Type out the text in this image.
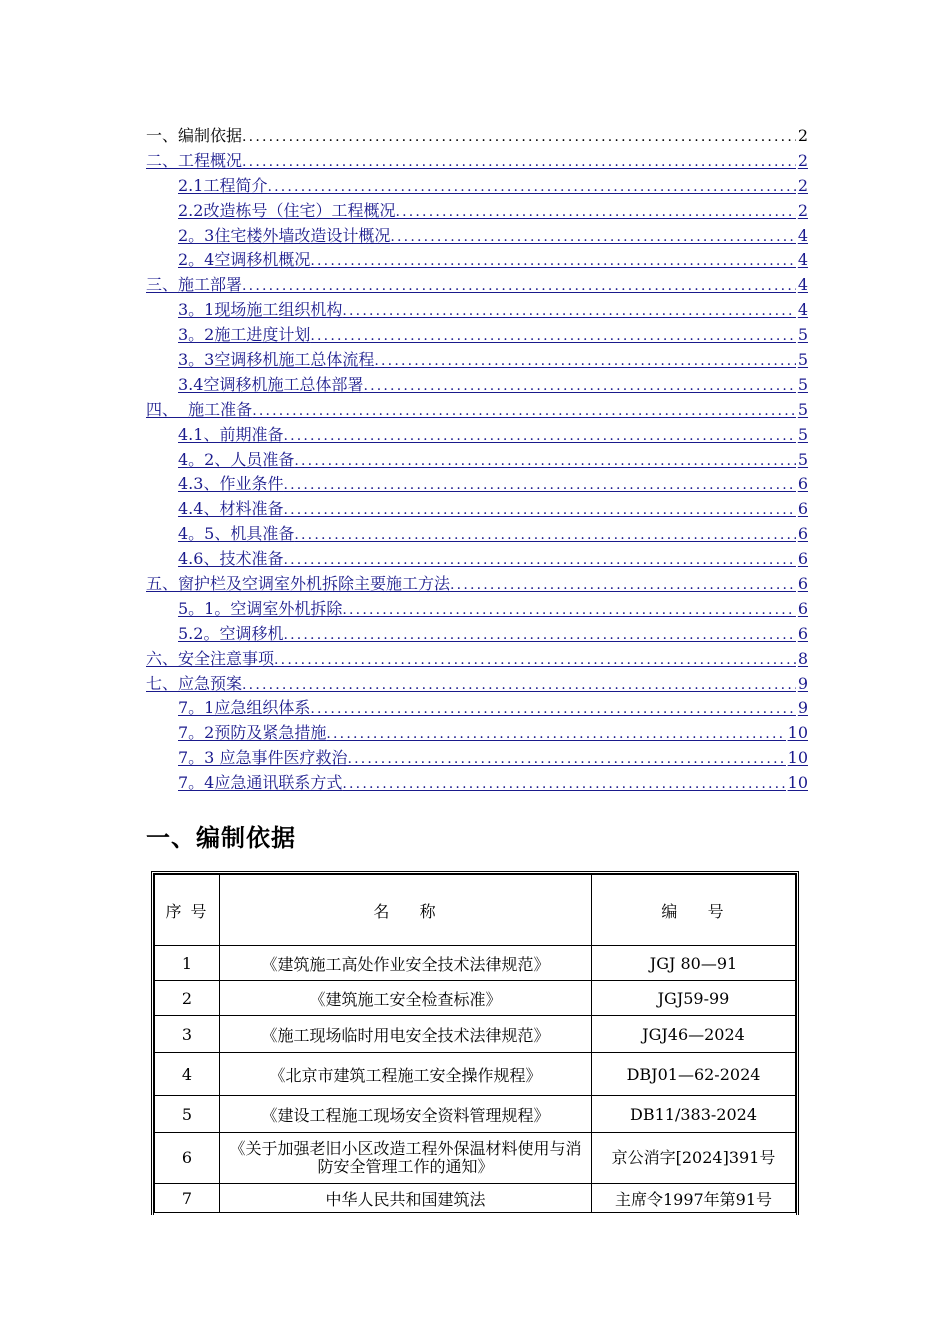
一、编制依据 .....	2
二、工程概况 .....	2
2.1工程简介 .....	2
2.2改造栋号（住宅）工程概况 .....	2
2。3住宅楼外墙改造设计概况 .....	4
2。4空调移机概况 .....	4
三、施工部署 .....	4
3。1现场施工组织机构 .....	4
3。2施工进度计划 .....	5
3。3空调移机施工总体流程 .....	5
3.4空调移机施工总体部署 .....	5
四、  施工准备 .....	5
4.1、前期准备 .....	5
4。2、人员准备 .....	5
4.3、作业条件 .....	6
4.4、材料准备 .....	6
4。5、机具准备 .....	6
4.6、技术准备 .....	6
五、窗护栏及空调室外机拆除主要施工方法 .....	6
5。1。空调室外机拆除 .....	6
5.2。空调移机 .....	6
六、安全注意事项 .....	8
七、应急预案 .....	9
7。1应急组织体系 .....	9
7。2预防及紧急措施 .....	10
7。3 应急事件医疗救治 .....	10
7。4应急通讯联系方式 .....	10
一、编制依据
序 号	名    称	编    号
1	《建筑施工高处作业安全技术法律规范》	JGJ 80—91
2	《建筑施工安全检查标准》	JGJ59-99
3	《施工现场临时用电安全技术法律规范》	JGJ46—2024
4	《北京市建筑工程施工安全操作规程》	DBJ01—62-2024
5	《建设工程施工现场安全资料管理规程》	DB11/383-2024
6	《关于加强老旧小区改造工程外保温材料使用与消防安全管理工作的通知》	京公消字[2024]391号
7	中华人民共和国建筑法	主席令1997年第91号
